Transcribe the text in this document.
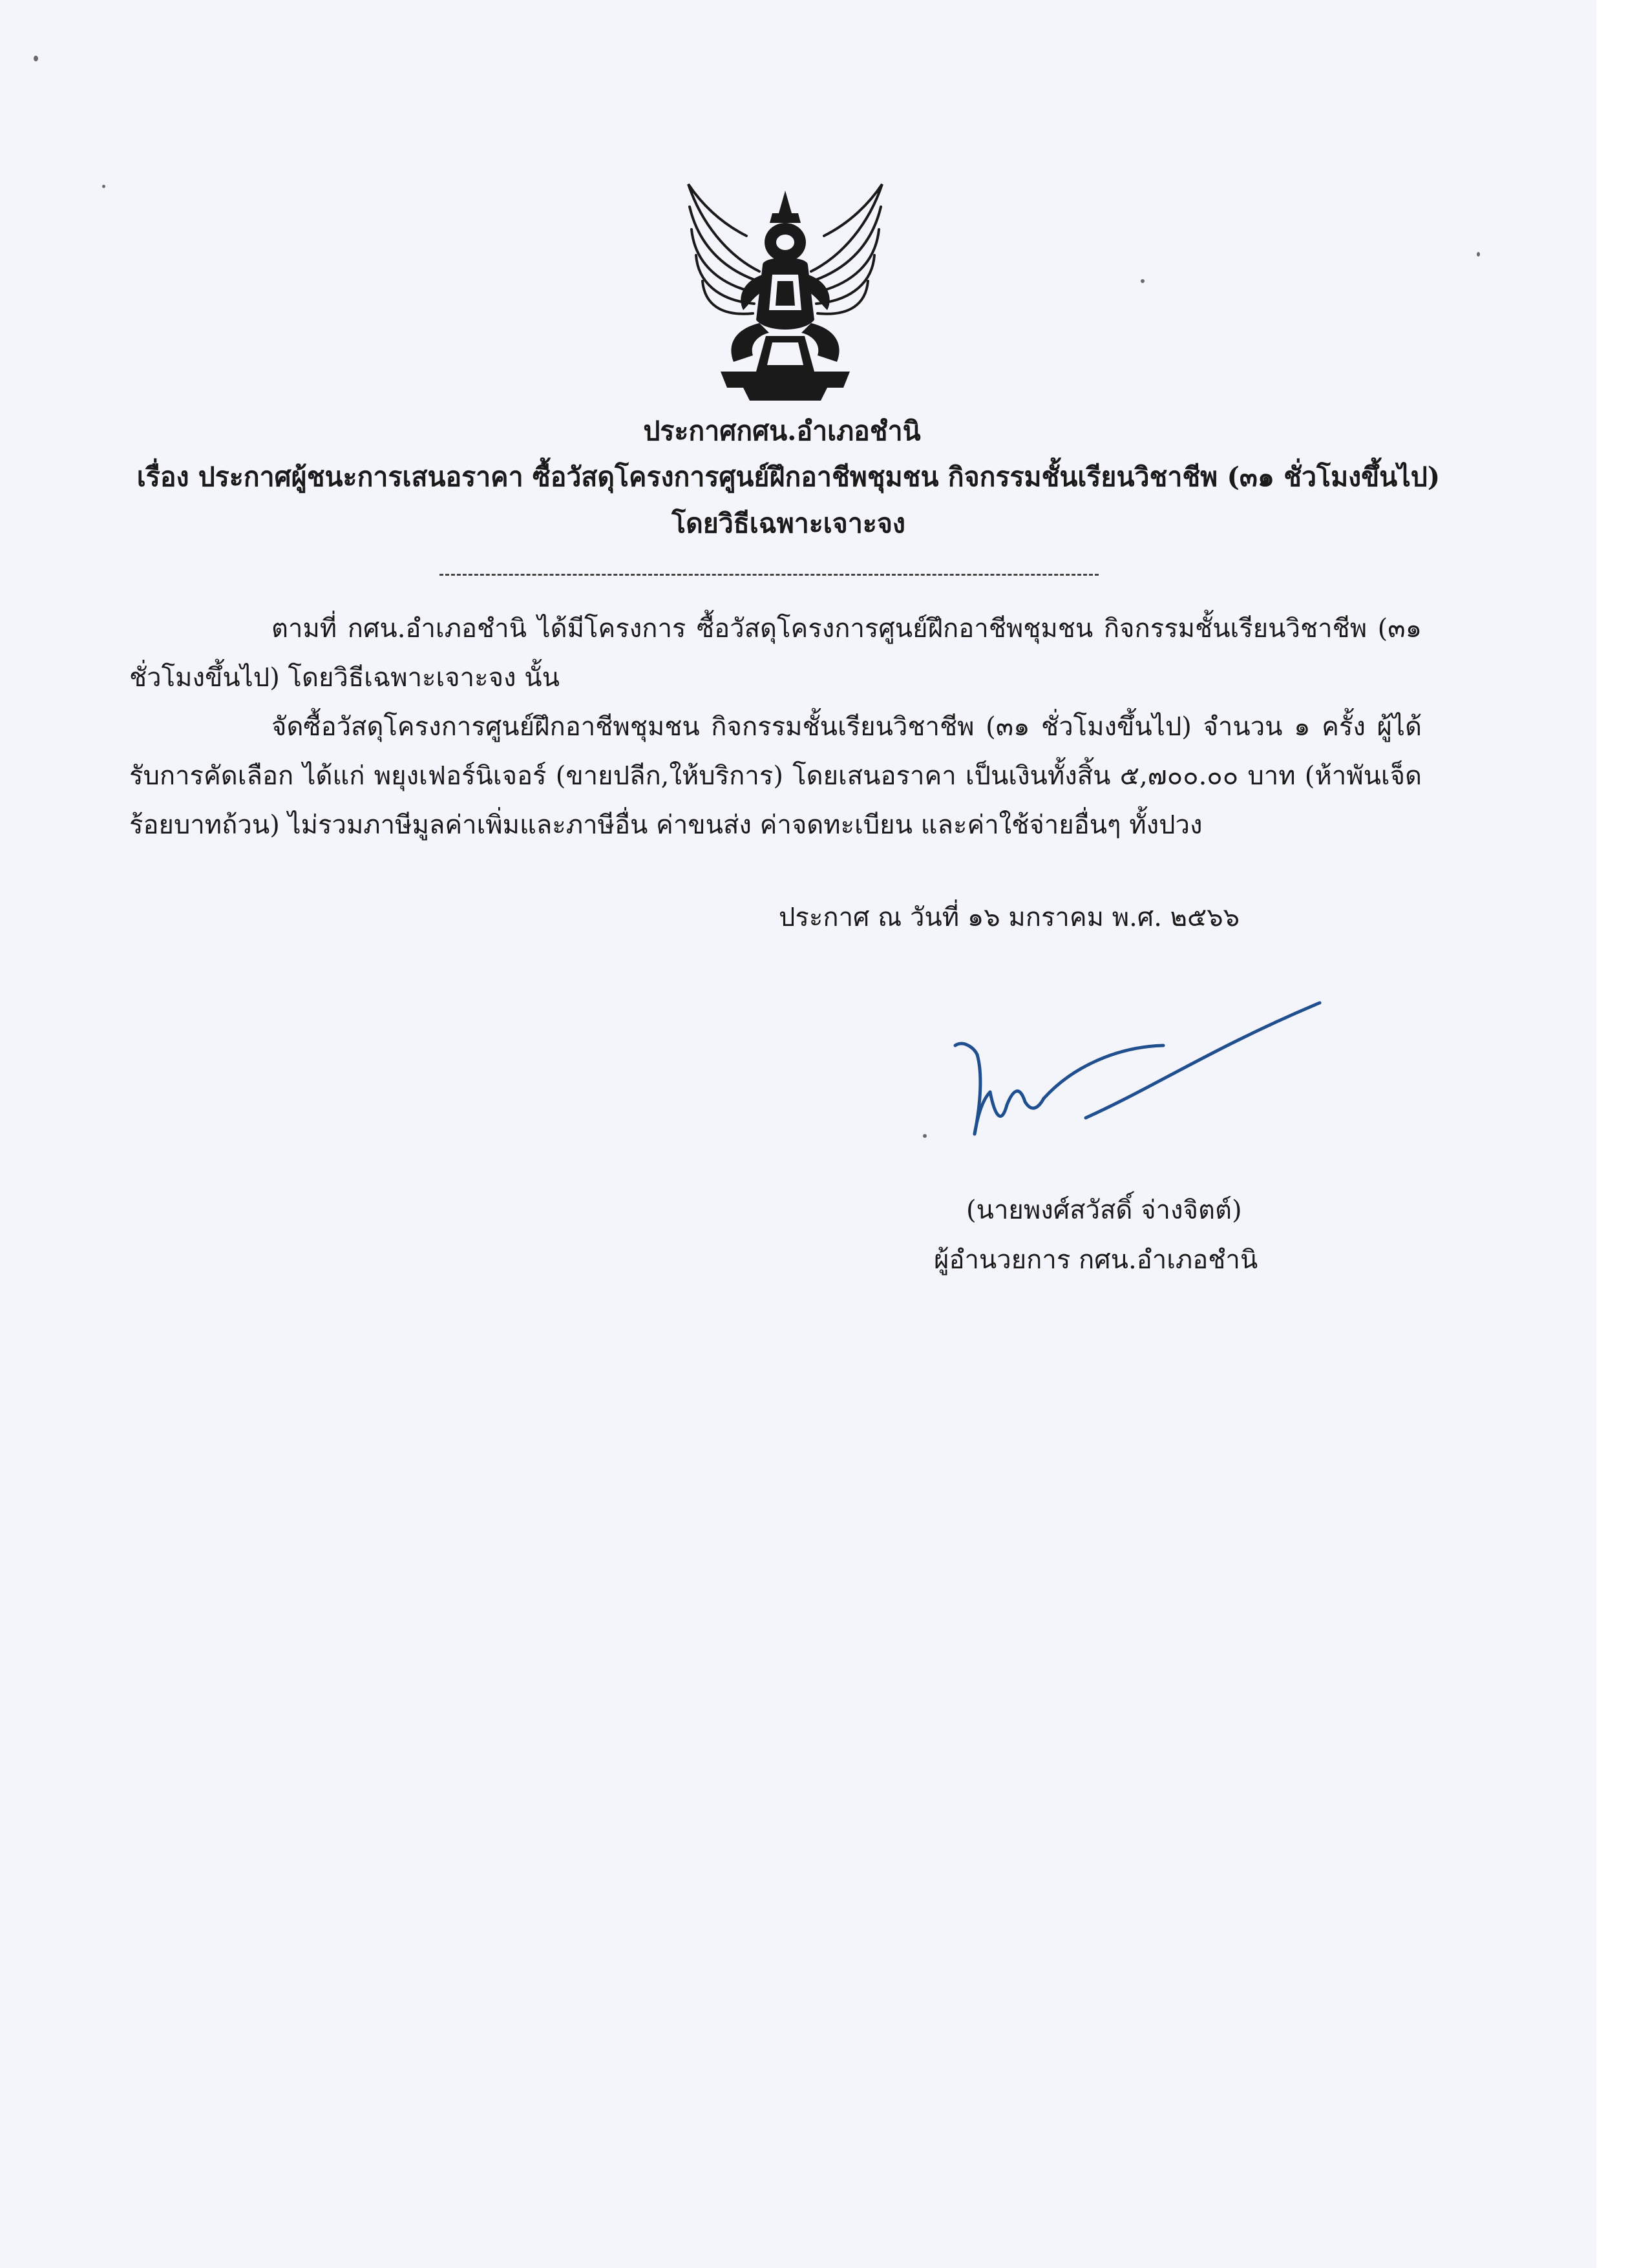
ประกาศกศน.อำเภอชำนิ
เรื่อง ประกาศผู้ชนะการเสนอราคา ซื้อวัสดุโครงการศูนย์ฝึกอาชีพชุมชน กิจกรรมชั้นเรียนวิชาชีพ (๓๑ ชั่วโมงขึ้นไป) โดยวิธีเฉพาะเจาะจง
ตามที่ กศน.อำเภอชำนิ ได้มีโครงการ ซื้อวัสดุโครงการศูนย์ฝึกอาชีพชุมชน กิจกรรมชั้นเรียนวิชาชีพ (๓๑ ชั่วโมงขึ้นไป) โดยวิธีเฉพาะเจาะจง นั้น
จัดซื้อวัสดุโครงการศูนย์ฝึกอาชีพชุมชน กิจกรรมชั้นเรียนวิชาชีพ (๓๑ ชั่วโมงขึ้นไป) จำนวน ๑ ครั้ง ผู้ได้รับการคัดเลือก ได้แก่ พยุงเฟอร์นิเจอร์ (ขายปลีก,ให้บริการ) โดยเสนอราคา เป็นเงินทั้งสิ้น ๕,๗๐๐.๐๐ บาท (ห้าพันเจ็ดร้อยบาทถ้วน) ไม่รวมภาษีมูลค่าเพิ่มและภาษีอื่น ค่าขนส่ง ค่าจดทะเบียน และค่าใช้จ่ายอื่นๆ ทั้งปวง
ประกาศ ณ วันที่ ๑๖ มกราคม พ.ศ. ๒๕๖๖
(นายพงศ์สวัสดิ์ จ่างจิตต์)
ผู้อำนวยการ กศน.อำเภอชำนิ
